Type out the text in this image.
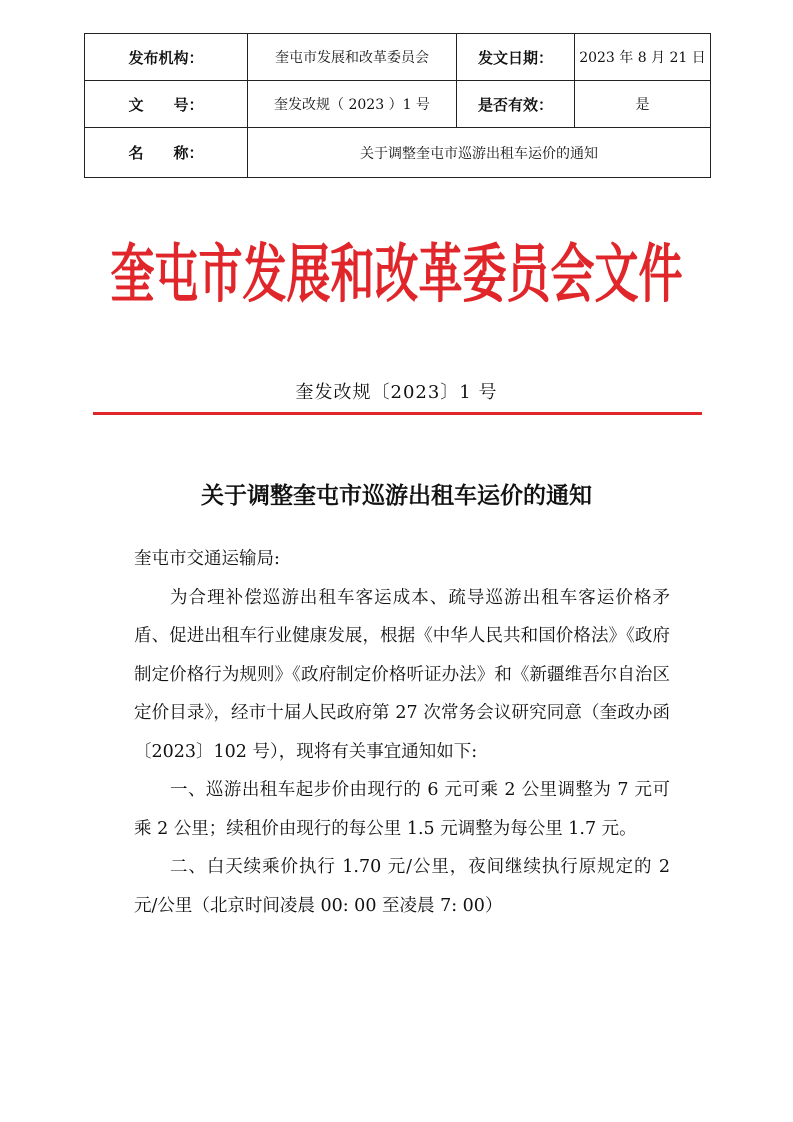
发布机构：	奎屯市发展和改革委员会	发文日期：	2023 年 8 月 21 日
文　　号：	奎发改规（ 2023 ）1 号	是否有效：	是
名　　称：	关于调整奎屯市巡游出租车运价的通知		
奎屯市发展和改革委员会文件
奎发改规〔2023〕1 号
关于调整奎屯市巡游出租车运价的通知

奎屯市交通运输局:

为合理补偿巡游出租车客运成本、疏导巡游出租车客运价格矛盾、促进出租车行业健康发展，根据《中华人民共和国价格法》《政府制定价格行为规则》《政府制定价格听证办法》和《新疆维吾尔自治区定价目录》，经市十届人民政府第 27 次常务会议研究同意（奎政办函〔2023〕102 号），现将有关事宜通知如下:

一、巡游出租车起步价由现行的 6 元可乘 2 公里调整为 7 元可乘 2 公里；续租价由现行的每公里 1.5 元调整为每公里 1.7 元。

二、白天续乘价执行 1.70 元/公里，夜间继续执行原规定的 2 元/公里（北京时间凌晨 00: 00 至凌晨 7: 00）
